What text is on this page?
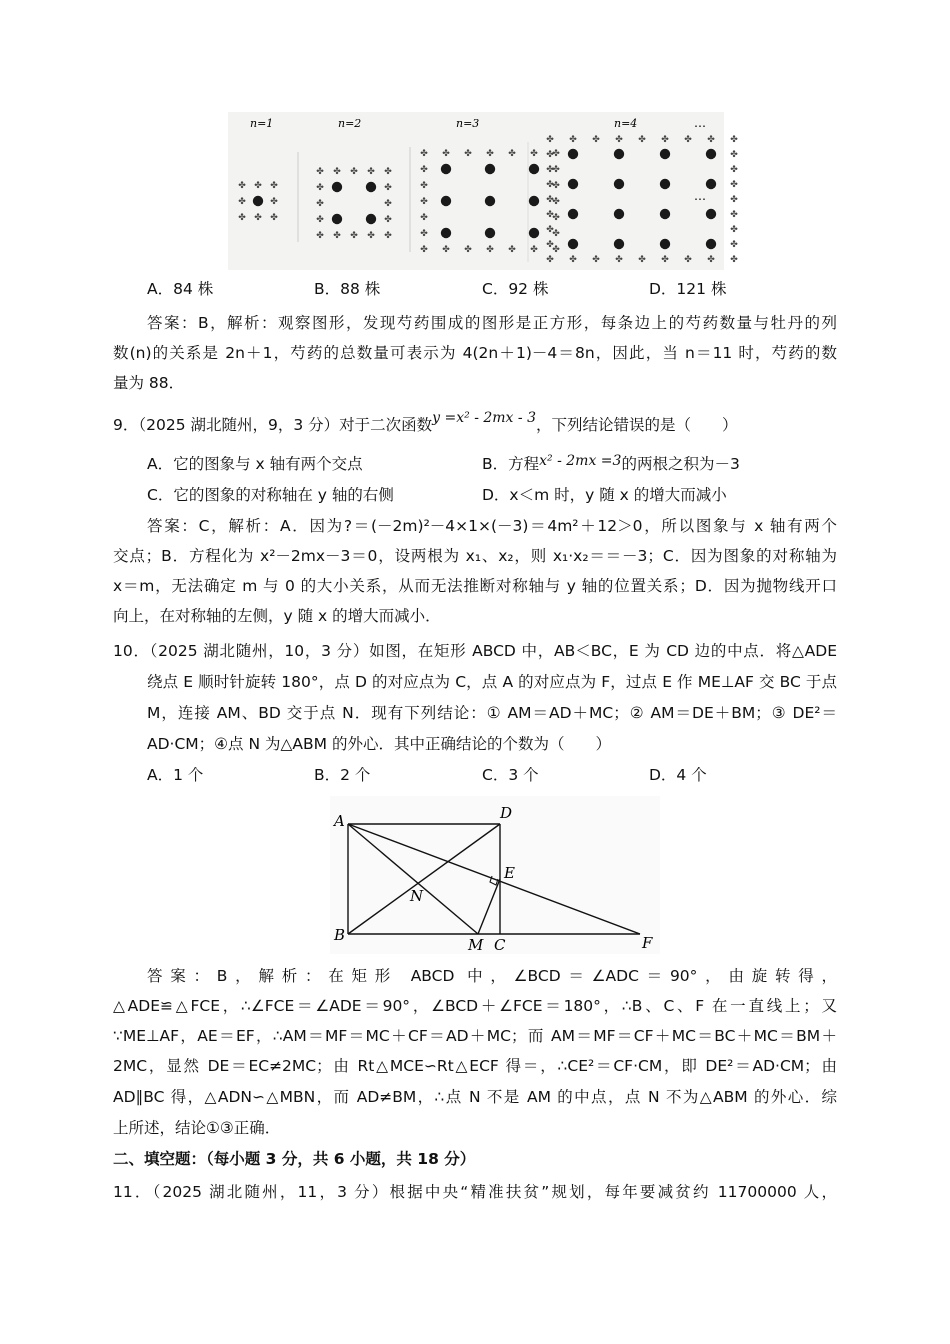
n=1	n=2	n=3	n=4	…
…
✤ ✤ ✤
✤	✤
✤ ✤ ✤
✤ ✤ ✤ ✤ ✤
✤	✤
✤	✤
✤	✤
✤ ✤ ✤ ✤ ✤
✤ ✤ ✤ ✤ ✤ ✤ ✤
✤	✤
✤	✤
✤	✤
✤	✤
✤	✤
✤ ✤ ✤ ✤ ✤ ✤ ✤
✤ ✤ ✤ ✤ ✤ ✤ ✤ ✤ ✤
✤	✤
✤	✤
✤	✤
✤	✤
✤	✤
✤	✤
✤	✤
✤ ✤ ✤ ✤ ✤ ✤ ✤ ✤ ✤
A．84 株	B．88 株	C．92 株	D．121 株
答案：B，解析：观察图形，发现芍药围成的图形是正方形，每条边上的芍药数量与牡丹的列
数(n)的关系是 2n＋1，芍药的总数量可表示为 4(2n＋1)－4＝8n，因此，当 n＝11 时，芍药的数
量为 88．
9．（2025 湖北随州，9，3 分）对于二次函数y =x² - 2mx - 3，下列结论错误的是（　　）
A．它的图象与 x 轴有两个交点	B．方程x² - 2mx =3的两根之积为－3
C．它的图象的对称轴在 y 轴的右侧	D．x＜m 时，y 随 x 的增大而减小
答案：C，解析：A．因为?＝(－2m)²－4×1×(－3)＝4m²＋12＞0，所以图象与 x 轴有两个
交点；B．方程化为 x²－2mx－3＝0，设两根为 x₁、x₂，则 x₁·x₂＝＝－3；C．因为图象的对称轴为
x＝m，无法确定 m 与 0 的大小关系，从而无法推断对称轴与 y 轴的位置关系；D．因为抛物线开口
向上，在对称轴的左侧，y 随 x 的增大而减小．
10．（2025 湖北随州，10，3 分）如图，在矩形 ABCD 中，AB＜BC，E 为 CD 边的中点．将△ADE
绕点 E 顺时针旋转 180°，点 D 的对应点为 C，点 A 的对应点为 F，过点 E 作 ME⊥AF 交 BC 于点
M，连接 AM、BD 交于点 N．现有下列结论：① AM＝AD＋MC；② AM＝DE＋BM；③ DE²＝
AD·CM；④点 N 为△ABM 的外心．其中正确结论的个数为（　　）
A．1 个	B．2 个	C．3 个	D．4 个
A	D
E
N
B
M C	F
答案：B，解析：在矩形 ABCD 中，∠BCD＝∠ADC＝90°，由旋转得，
△ADE≌△FCE，∴∠FCE＝∠ADE＝90°，∠BCD＋∠FCE＝180°，∴B、C、F 在一直线上；又
∵ME⊥AF，AE＝EF，∴AM＝MF＝MC＋CF＝AD＋MC；而 AM＝MF＝CF＋MC＝BC＋MC＝BM＋
2MC，显然 DE＝EC≠2MC；由 Rt△MCE∽Rt△ECF 得＝，∴CE²＝CF·CM，即 DE²＝AD·CM；由
AD∥BC 得，△ADN∽△MBN，而 AD≠BM，∴点 N 不是 AM 的中点，点 N 不为△ABM 的外心．综
上所述，结论①③正确．
二、填空题：（每小题 3 分，共 6 小题，共 18 分）
11．（2025 湖北随州，11，3 分）根据中央“精准扶贫”规划，每年要减贫约 11700000 人，
